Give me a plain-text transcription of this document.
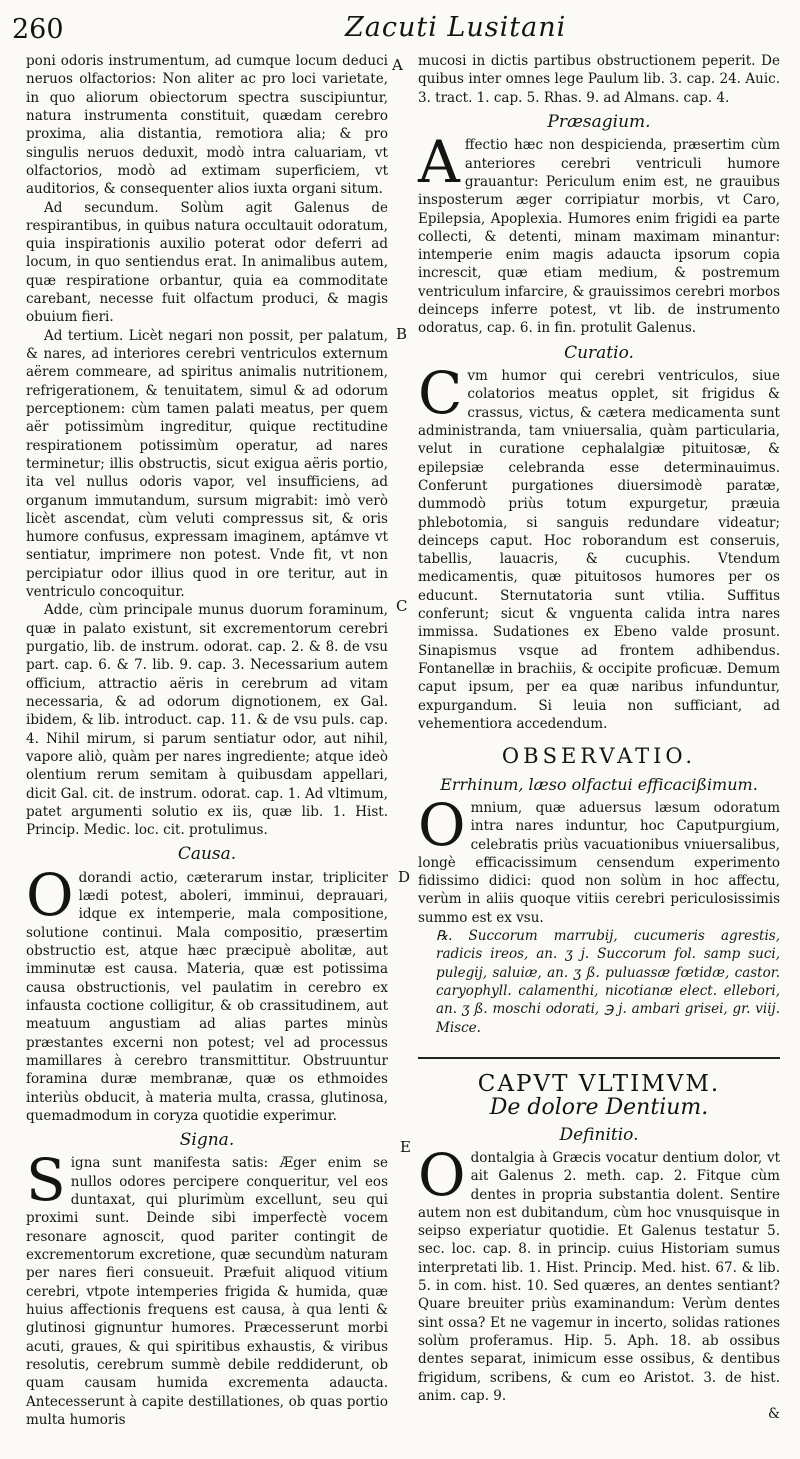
260	Zacuti Lusitani
A
B
C
D
E

poni odoris instrumentum, ad cumque locum deduci neruos olfactorios: Non aliter ac pro loci varietate, in quo aliorum obiectorum spectra suscipiuntur, natura instrumenta constituit, quædam cerebro proxima, alia distantia, remotiora alia; & pro singulis neruos deduxit, modò intra caluariam, vt olfactorios, modò ad extimam superficiem, vt auditorios, & consequenter alios iuxta organi situm.

Ad secundum. Solùm agit Galenus de respirantibus, in quibus natura occultauit odoratum, quia inspirationis auxilio poterat odor deferri ad locum, in quo sentiendus erat. In animalibus autem, quæ respiratione orbantur, quia ea commoditate carebant, necesse fuit olfactum produci, & magis obuium fieri.

Ad tertium. Licèt negari non possit, per palatum, & nares, ad interiores cerebri ventriculos externum aërem commeare, ad spiritus animalis nutritionem, refrigerationem, & tenuitatem, simul & ad odorum perceptionem: cùm tamen palati meatus, per quem aër potissimùm ingreditur, quique rectitudine respirationem potissimùm operatur, ad nares terminetur; illis obstructis, sicut exigua aëris portio, ita vel nullus odoris vapor, vel insufficiens, ad organum immutandum, sursum migrabit: imò verò licèt ascendat, cùm veluti compressus sit, & oris humore confusus, expressam imaginem, aptámve vt sentiatur, imprimere non potest. Vnde fit, vt non percipiatur odor illius quod in ore teritur, aut in ventriculo concoquitur.

Adde, cùm principale munus duorum foraminum, quæ in palato existunt, sit excrementorum cerebri purgatio, lib. de instrum. odorat. cap. 2. & 8. de vsu part. cap. 6. & 7. lib. 9. cap. 3. Necessarium autem officium, attractio aëris in cerebrum ad vitam necessaria, & ad odorum dignotionem, ex Gal. ibidem, & lib. introduct. cap. 11. & de vsu puls. cap. 4. Nihil mirum, si parum sentiatur odor, aut nihil, vapore aliò, quàm per nares ingrediente; atque ideò olentium rerum semitam à quibusdam appellari, dicit Gal. cit. de instrum. odorat. cap. 1. Ad vltimum, patet argumenti solutio ex iis, quæ lib. 1. Hist. Princip. Medic. loc. cit. protulimus.

Causa.

Odorandi actio, cæterarum instar, tripliciter lædi potest, aboleri, imminui, deprauari, idque ex intemperie, mala compositione, solutione continui. Mala compositio, præsertim obstructio est, atque hæc præcipuè abolitæ, aut imminutæ est causa. Materia, quæ est potissima causa obstructionis, vel paulatim in cerebro ex infausta coctione colligitur, & ob crassitudinem, aut meatuum angustiam ad alias partes minùs præstantes excerni non potest; vel ad processus mamillares à cerebro transmittitur. Obstruuntur foramina duræ membranæ, quæ os ethmoides interiùs obducit, à materia multa, crassa, glutinosa, quemadmodum in coryza quotidie experimur.

Signa.

Signa sunt manifesta satis: Æger enim se nullos odores percipere conqueritur, vel eos duntaxat, qui plurimùm excellunt, seu qui proximi sunt. Deinde sibi imperfectè vocem resonare agnoscit, quod pariter contingit de excrementorum excretione, quæ secundùm naturam per nares fieri consueuit. Præfuit aliquod vitium cerebri, vtpote intemperies frigida & humida, quæ huius affectionis frequens est causa, à qua lenti & glutinosi gignuntur humores. Præcesserunt morbi acuti, graues, & qui spiritibus exhaustis, & viribus resolutis, cerebrum summè debile reddiderunt, ob quam causam humida excrementa adaucta. Antecesserunt à capite destillationes, ob quas portio multa humoris

mucosi in dictis partibus obstructionem peperit. De quibus inter omnes lege Paulum lib. 3. cap. 24. Auic. 3. tract. 1. cap. 5. Rhas. 9. ad Almans. cap. 4.

Præsagium.

Affectio hæc non despicienda, præsertim cùm anteriores cerebri ventriculi humore grauantur: Periculum enim est, ne grauibus insposterum æger corripiatur morbis, vt Caro, Epilepsia, Apoplexia. Humores enim frigidi ea parte collecti, & detenti, minam maximam minantur: intemperie enim magis adaucta ipsorum copia increscit, quæ etiam medium, & postremum ventriculum infarcire, & grauissimos cerebri morbos deinceps inferre potest, vt lib. de instrumento odoratus, cap. 6. in fin. protulit Galenus.

Curatio.

Cvm humor qui cerebri ventriculos, siue colatorios meatus opplet, sit frigidus & crassus, victus, & cætera medicamenta sunt administranda, tam vniuersalia, quàm particularia, velut in curatione cephalalgiæ pituitosæ, & epilepsiæ celebranda esse determinauimus. Conferunt purgationes diuersimodè paratæ, dummodò priùs totum expurgetur, præuia phlebotomia, si sanguis redundare videatur; deinceps caput. Hoc roborandum est conseruis, tabellis, lauacris, & cucuphis. Vtendum medicamentis, quæ pituitosos humores per os educunt. Sternutatoria sunt vtilia. Suffitus conferunt; sicut & vnguenta calida intra nares immissa. Sudationes ex Ebeno valde prosunt. Sinapismus vsque ad frontem adhibendus. Fontanellæ in brachiis, & occipite proficuæ. Demum caput ipsum, per ea quæ naribus infunduntur, expurgandum. Si leuia non sufficiant, ad vehementiora accedendum.

OBSERVATIO.
Errhinum, læso olfactui efficacißimum.

Omnium, quæ aduersus læsum odoratum intra nares induntur, hoc Caputpurgium, celebratis priùs vacuationibus vniuersalibus, longè efficacissimum censendum experimento fidissimo didici: quod non solùm in hoc affectu, verùm in aliis quoque vitiis cerebri periculosissimis summo est ex vsu.

℞. Succorum marrubij, cucumeris agrestis, radicis ireos, an. ʒ j. Succorum fol. samp suci, pulegij, saluiæ, an. ʒ ß. puluassæ fœtidæ, castor. caryophyll. calamenthi, nicotianæ elect. ellebori, an. ʒ ß. moschi odorati, ℈ j. ambari grisei, gr. viij. Misce.

CAPVT VLTIMVM.
De dolore Dentium.
Definitio.

Odontalgia à Græcis vocatur dentium dolor, vt ait Galenus 2. meth. cap. 2. Fitque cùm dentes in propria substantia dolent. Sentire autem non est dubitandum, cùm hoc vnusquisque in seipso experiatur quotidie. Et Galenus testatur 5. sec. loc. cap. 8. in princip. cuius Historiam sumus interpretati lib. 1. Hist. Princip. Med. hist. 67. & lib. 5. in com. hist. 10. Sed quæres, an dentes sentiant? Quare breuiter priùs examinandum: Verùm dentes sint ossa? Et ne vagemur in incerto, solidas rationes solùm proferamus. Hip. 5. Aph. 18. ab ossibus dentes separat, inimicum esse ossibus, & dentibus frigidum, scribens, & cum eo Aristot. 3. de hist. anim. cap. 9.

&
